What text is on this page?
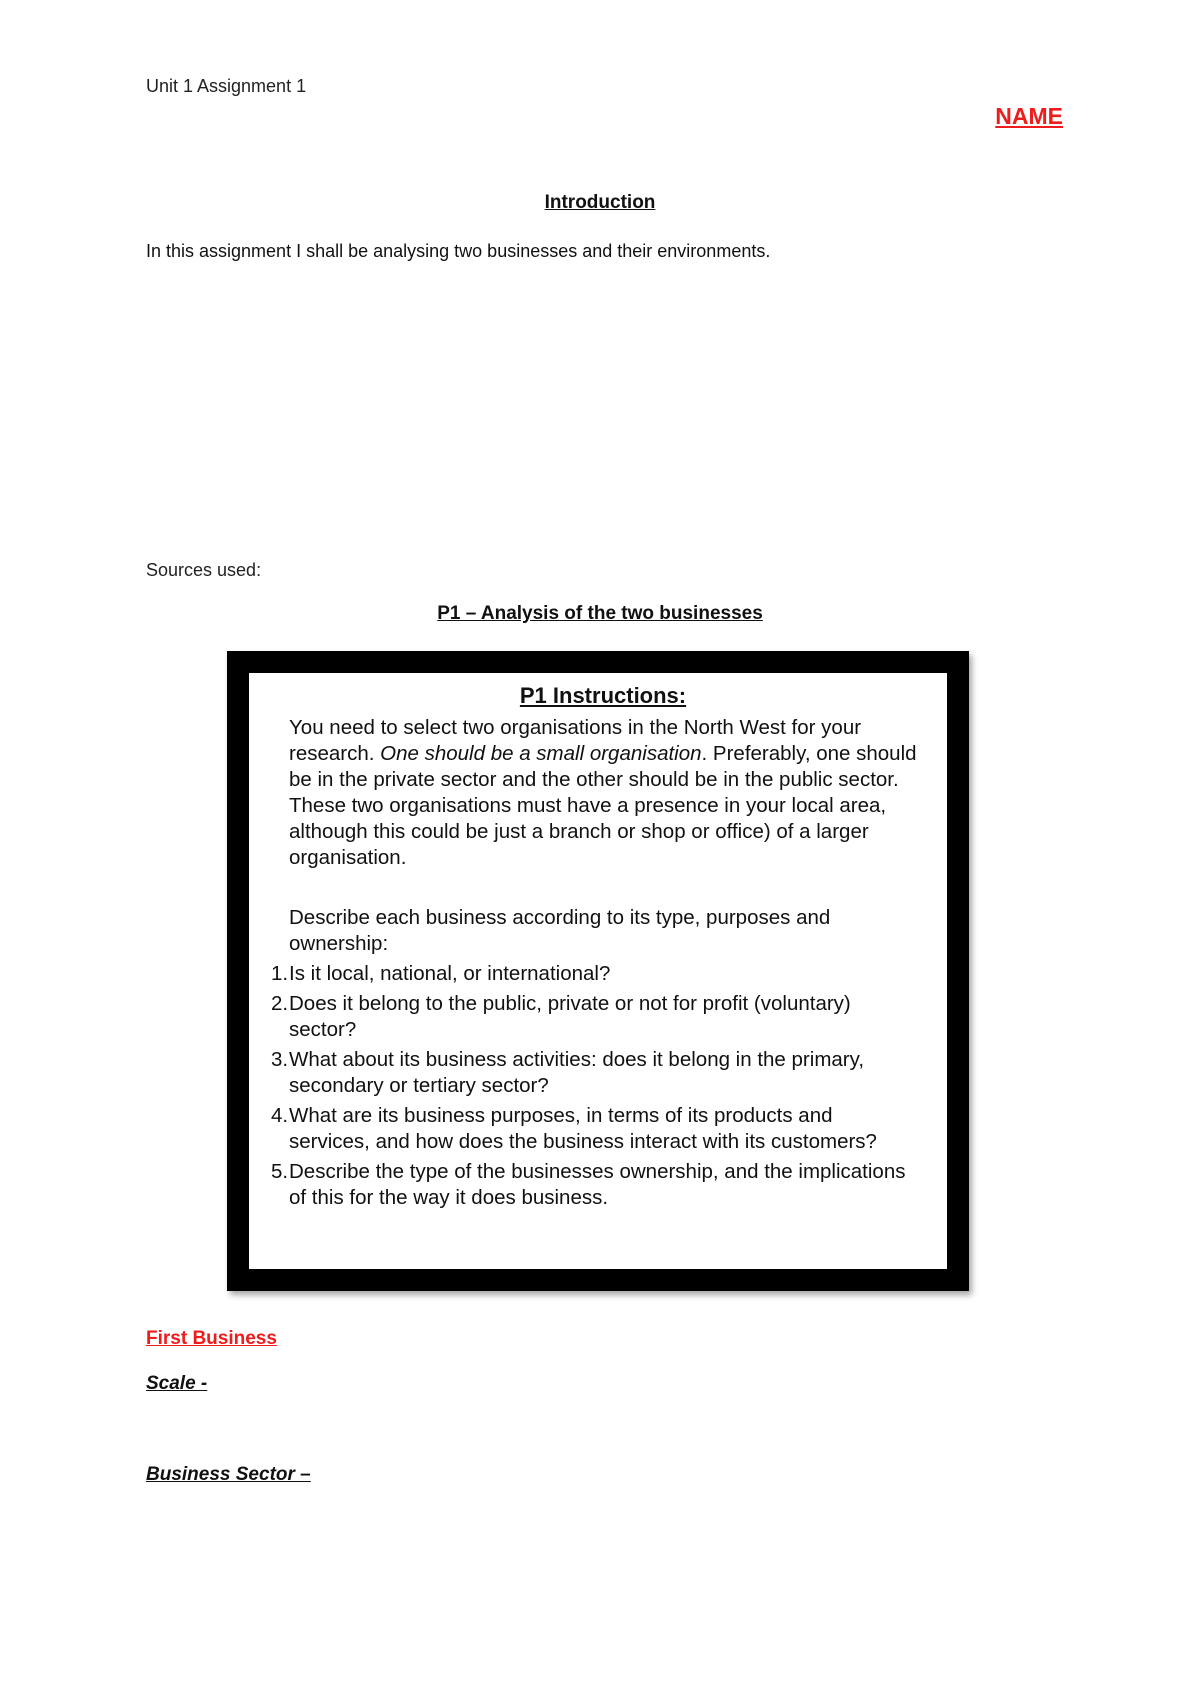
Unit 1 Assignment 1

NAME

Introduction

In this assignment I shall be analysing two businesses and their environments.

Sources used:

P1 – Analysis of the two businesses

P1 Instructions:

You need to select two organisations in the North West for your research. One should be a small organisation. Preferably, one should be in the private sector and the other should be in the public sector. These two organisations must have a presence in your local area, although this could be just a branch or shop or office) of a larger organisation.

Describe each business according to its type, purposes and ownership:

1. Is it local, national, or international?
2. Does it belong to the public, private or not for profit (voluntary) sector?
3. What about its business activities: does it belong in the primary, secondary or tertiary sector?
4. What are its business purposes, in terms of its products and services, and how does the business interact with its customers?
5. Describe the type of the businesses ownership, and the implications of this for the way it does business.

First Business

Scale -

Business Sector –
